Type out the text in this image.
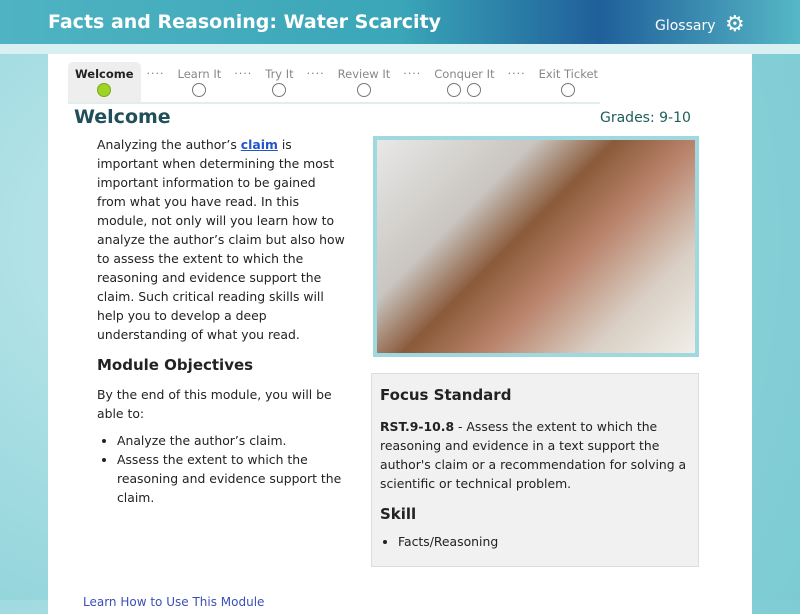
Facts and Reasoning: Water Scarcity	Glossary ⚙
Welcome	····	Learn It	····	Try It	····	Review It	····	Conquer It	····	Exit Ticket
Welcome	Grades: 9-10

Analyzing the author’s claim is important when determining the most important information to be gained from what you have read. In this module, not only will you learn how to analyze the author’s claim but also how to assess the extent to which the reasoning and evidence support the claim. Such critical reading skills will help you to develop a deep understanding of what you read.

Module Objectives

By the end of this module, you will be able to:

• Analyze the author’s claim.
• Assess the extent to which the reasoning and evidence support the claim.
Focus Standard

RST.9-10.8 - Assess the extent to which the reasoning and evidence in a text support the author's claim or a recommendation for solving a scientific or technical problem.

Skill
• Facts/Reasoning
Learn How to Use This Module
